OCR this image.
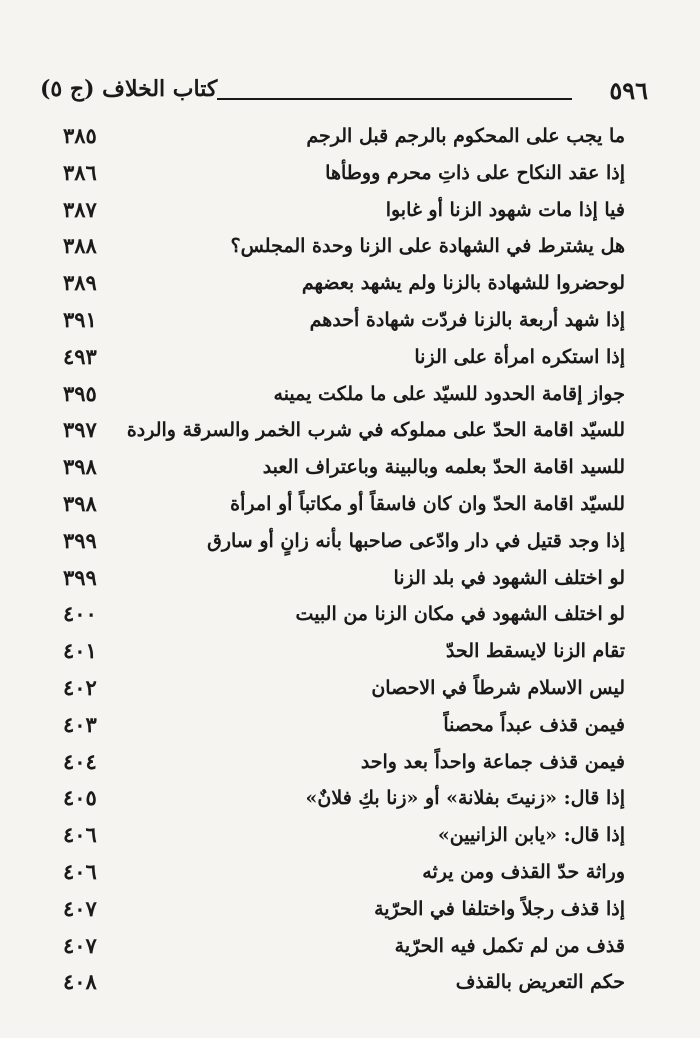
٥٩٦
كتاب الخلاف (ج ٥)
ما يجب على المحكوم بالرجم قبل الرجم
٣٨٥
إذا عقد النكاح على ذاتِ محرم ووطأها
٣٨٦
فيا إذا مات شهود الزنا أو غابوا
٣٨٧
هل يشترط في الشهادة على الزنا وحدة المجلس؟
٣٨٨
لوحضروا للشهادة بالزنا ولم يشهد بعضهم
٣٨٩
إذا شهد أربعة بالزنا فردّت شهادة أحدهم
٣٩١
إذا استكره امرأة على الزنا
٤٩٣
جواز إقامة الحدود للسيّد على ما ملكت يمينه
٣٩٥
للسيّد اقامة الحدّ على مملوكه في شرب الخمر والسرقة والردة
٣٩٧
للسيد اقامة الحدّ بعلمه وبالبينة وباعتراف العبد
٣٩٨
للسيّد اقامة الحدّ وان كان فاسقاً أو مكاتباً أو امرأة
٣٩٨
إذا وجد قتيل في دار وادّعى صاحبها بأنه زانٍ أو سارق
٣٩٩
لو اختلف الشهود في بلد الزنا
٣٩٩
لو اختلف الشهود في مكان الزنا من البيت
٤٠٠
تقام الزنا لايسقط الحدّ
٤٠١
ليس الاسلام شرطاً في الاحصان
٤٠٢
فيمن قذف عبداً محصناً
٤٠٣
فيمن قذف جماعة واحداً بعد واحد
٤٠٤
إذا قال: «زنيتَ بفلانة» أو «زنا بكِ فلانٌ»
٤٠٥
إذا قال: «يابن الزانيين»
٤٠٦
وراثة حدّ القذف ومن يرثه
٤٠٦
إذا قذف رجلاً واختلفا في الحرّية
٤٠٧
قذف من لم تكمل فيه الحرّية
٤٠٧
حكم التعريض بالقذف
٤٠٨
